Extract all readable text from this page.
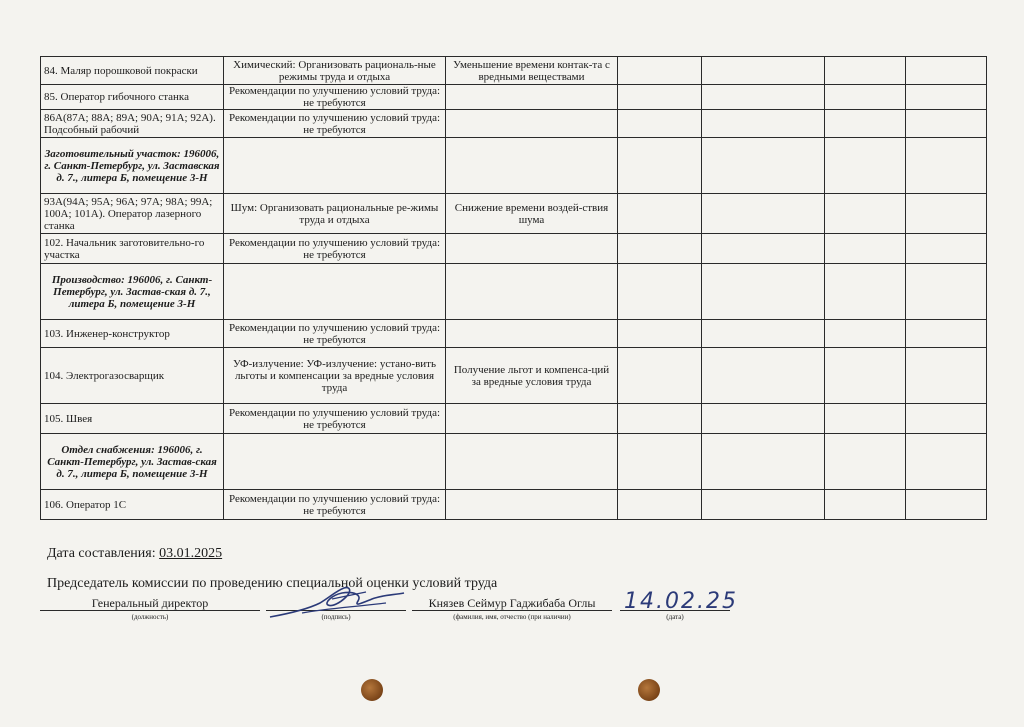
84. Маляр порошковой покраски	Химический: Организовать рациональ-ные режимы труда и отдыха	Уменьшение времени контак-та с вредными веществами				
85. Оператор гибочного станка	Рекомендации по улучшению условий труда: не требуются					
86А(87А; 88А; 89А; 90А; 91А; 92А). Подсобный рабочий	Рекомендации по улучшению условий труда: не требуются					
Заготовительный участок: 196006, г. Санкт-Петербург, ул. Заставская д. 7., литера Б, помещение 3-Н						
93А(94А; 95А; 96А; 97А; 98А; 99А; 100А; 101А). Оператор лазерного станка	Шум: Организовать рациональные ре-жимы труда и отдыха	Снижение времени воздей-ствия шума				
102. Начальник заготовительно-го участка	Рекомендации по улучшению условий труда: не требуются					
Производство: 196006, г. Санкт-Петербург, ул. Застав-ская д. 7., литера Б, помещение 3-Н						
103. Инженер-конструктор	Рекомендации по улучшению условий труда: не требуются					
104. Электрогазосварщик	УФ-излучение: УФ-излучение: устано-вить льготы и компенсации за вредные условия труда	Получение льгот и компенса-ций за вредные условия труда				
105. Швея	Рекомендации по улучшению условий труда: не требуются					
Отдел снабжения: 196006, г. Санкт-Петербург, ул. Застав-ская д. 7., литера Б, помещение 3-Н						
106. Оператор 1С	Рекомендации по улучшению условий труда: не требуются					
Дата составления: 03.01.2025
Председатель комиссии по проведению специальной оценки условий труда
Генеральный директор
(должность)	(подпись)
Князев Сеймур Гаджибаба Оглы
(фамилия, имя, отчество (при наличии)	(дата)
14.02.25
